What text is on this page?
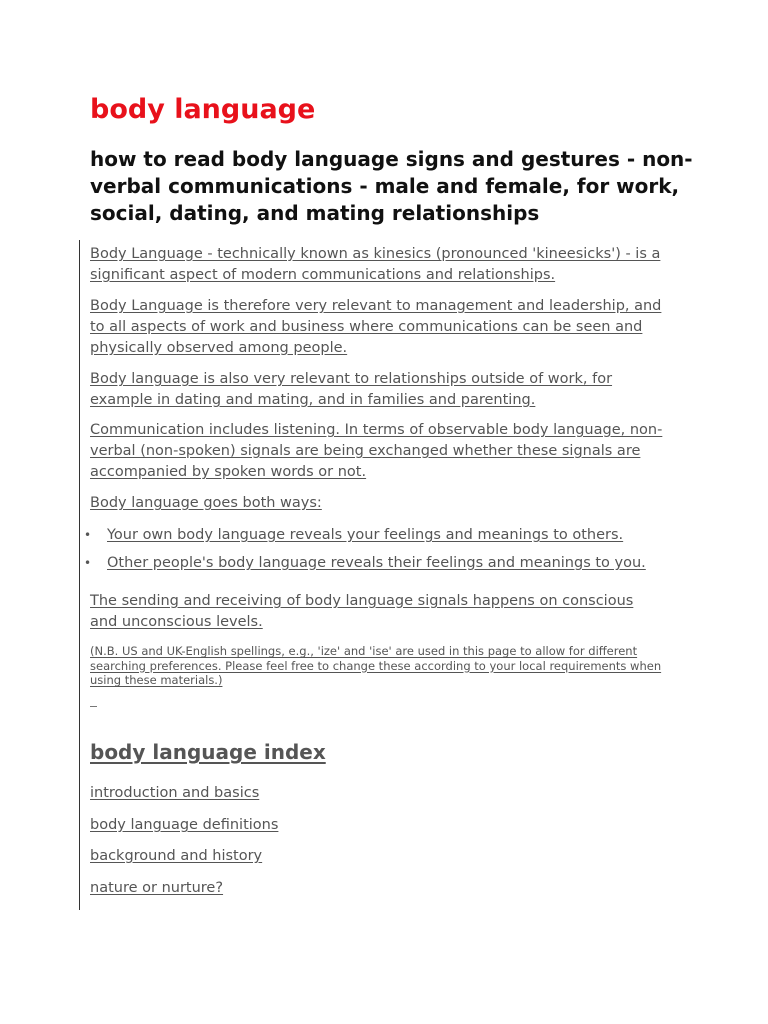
body language
how to read body language signs and gestures - non-verbal communications - male and female, for work, social, dating, and mating relationships

Body Language - technically known as kinesics (pronounced 'kineesicks') - is a significant aspect of modern communications and relationships.

Body Language is therefore very relevant to management and leadership, and to all aspects of work and business where communications can be seen and physically observed among people.

Body language is also very relevant to relationships outside of work, for example in dating and mating, and in families and parenting.

Communication includes listening. In terms of observable body language, non-verbal (non-spoken) signals are being exchanged whether these signals are accompanied by spoken words or not.

Body language goes both ways:

• Your own body language reveals your feelings and meanings to others.

• Other people's body language reveals their feelings and meanings to you.

The sending and receiving of body language signals happens on conscious and unconscious levels.

(N.B. US and UK-English spellings, e.g., 'ize' and 'ise' are used in this page to allow for different searching preferences. Please feel free to change these according to your local requirements when using these materials.)

body language index

introduction and basics

body language definitions

background and history

nature or nurture?
